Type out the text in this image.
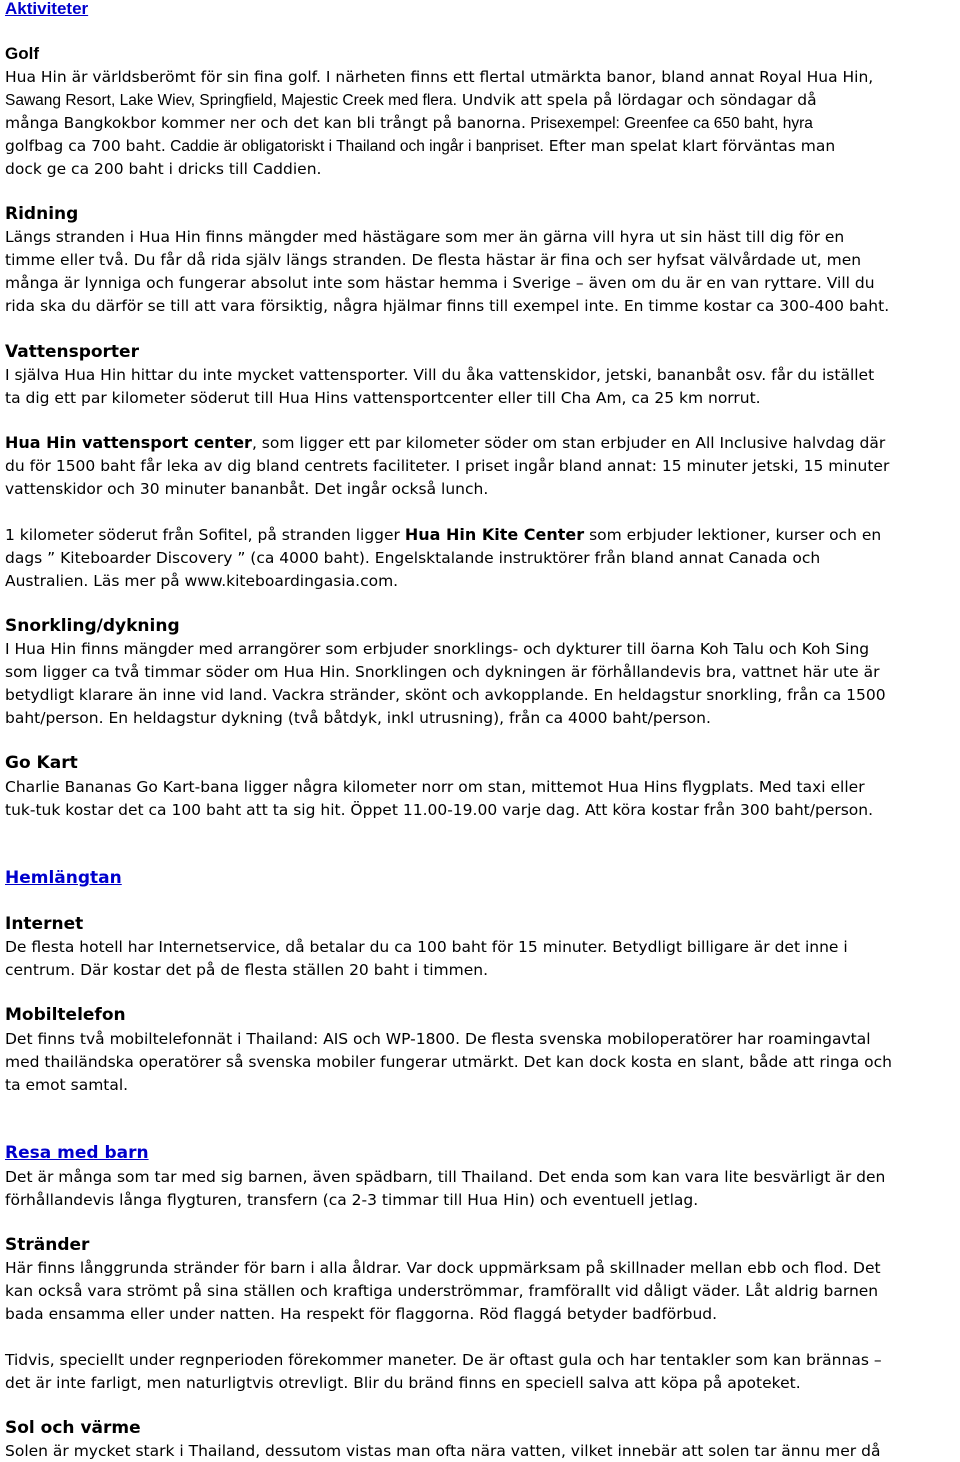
Aktiviteter
Golf
Hua Hin är världsberömt för sin fina golf. I närheten finns ett flertal utmärkta banor, bland annat Royal Hua Hin,
Sawang Resort, Lake Wiev, Springfield, Majestic Creek med flera. Undvik att spela på lördagar och söndagar då
många Bangkokbor kommer ner och det kan bli trångt på banorna. Prisexempel: Greenfee ca 650 baht, hyra
golfbag ca 700 baht. Caddie är obligatoriskt i Thailand och ingår i banpriset. Efter man spelat klart förväntas man
dock ge ca 200 baht i dricks till Caddien.
Ridning
Längs stranden i Hua Hin finns mängder med hästägare som mer än gärna vill hyra ut sin häst till dig för en
timme eller två. Du får då rida själv längs stranden. De flesta hästar är fina och ser hyfsat välvårdade ut, men
många är lynniga och fungerar absolut inte som hästar hemma i Sverige – även om du är en van ryttare. Vill du
rida ska du därför se till att vara försiktig, några hjälmar finns till exempel inte. En timme kostar ca 300-400 baht.
Vattensporter
I själva Hua Hin hittar du inte mycket vattensporter. Vill du åka vattenskidor, jetski, bananbåt osv. får du istället
ta dig ett par kilometer söderut till Hua Hins vattensportcenter eller till Cha Am, ca 25 km norrut.
Hua Hin vattensport center, som ligger ett par kilometer söder om stan erbjuder en All Inclusive halvdag där
du för 1500 baht får leka av dig bland centrets faciliteter. I priset ingår bland annat: 15 minuter jetski, 15 minuter
vattenskidor och 30 minuter bananbåt. Det ingår också lunch.
1 kilometer söderut från Sofitel, på stranden ligger Hua Hin Kite Center som erbjuder lektioner, kurser och en
dags ” Kiteboarder Discovery ” (ca 4000 baht). Engelsktalande instruktörer från bland annat Canada och
Australien. Läs mer på www.kiteboardingasia.com.
Snorkling/dykning
I Hua Hin finns mängder med arrangörer som erbjuder snorklings- och dykturer till öarna Koh Talu och Koh Sing
som ligger ca två timmar söder om Hua Hin. Snorklingen och dykningen är förhållandevis bra, vattnet här ute är
betydligt klarare än inne vid land. Vackra stränder, skönt och avkopplande. En heldagstur snorkling, från ca 1500
baht/person. En heldagstur dykning (två båtdyk, inkl utrusning), från ca 4000 baht/person.
Go Kart
Charlie Bananas Go Kart-bana ligger några kilometer norr om stan, mittemot Hua Hins flygplats. Med taxi eller
tuk-tuk kostar det ca 100 baht att ta sig hit. Öppet 11.00-19.00 varje dag. Att köra kostar från 300 baht/person.
Hemlängtan
Internet
De flesta hotell har Internetservice, då betalar du ca 100 baht för 15 minuter. Betydligt billigare är det inne i
centrum. Där kostar det på de flesta ställen 20 baht i timmen.
Mobiltelefon
Det finns två mobiltelefonnät i Thailand: AIS och WP-1800. De flesta svenska mobiloperatörer har roamingavtal
med thailändska operatörer så svenska mobiler fungerar utmärkt. Det kan dock kosta en slant, både att ringa och
ta emot samtal.
Resa med barn
Det är många som tar med sig barnen, även spädbarn, till Thailand. Det enda som kan vara lite besvärligt är den
förhållandevis långa flygturen, transfern (ca 2-3 timmar till Hua Hin) och eventuell jetlag.
Stränder
Här finns långgrunda stränder för barn i alla åldrar. Var dock uppmärksam på skillnader mellan ebb och flod. Det
kan också vara strömt på sina ställen och kraftiga underströmmar, framförallt vid dåligt väder. Låt aldrig barnen
bada ensamma eller under natten. Ha respekt för flaggorna. Röd flaggá betyder badförbud.
Tidvis, speciellt under regnperioden förekommer maneter. De är oftast gula och har tentakler som kan brännas –
det är inte farligt, men naturligtvis otrevligt. Blir du bränd finns en speciell salva att köpa på apoteket.
Sol och värme
Solen är mycket stark i Thailand, dessutom vistas man ofta nära vatten, vilket innebär att solen tar ännu mer då
